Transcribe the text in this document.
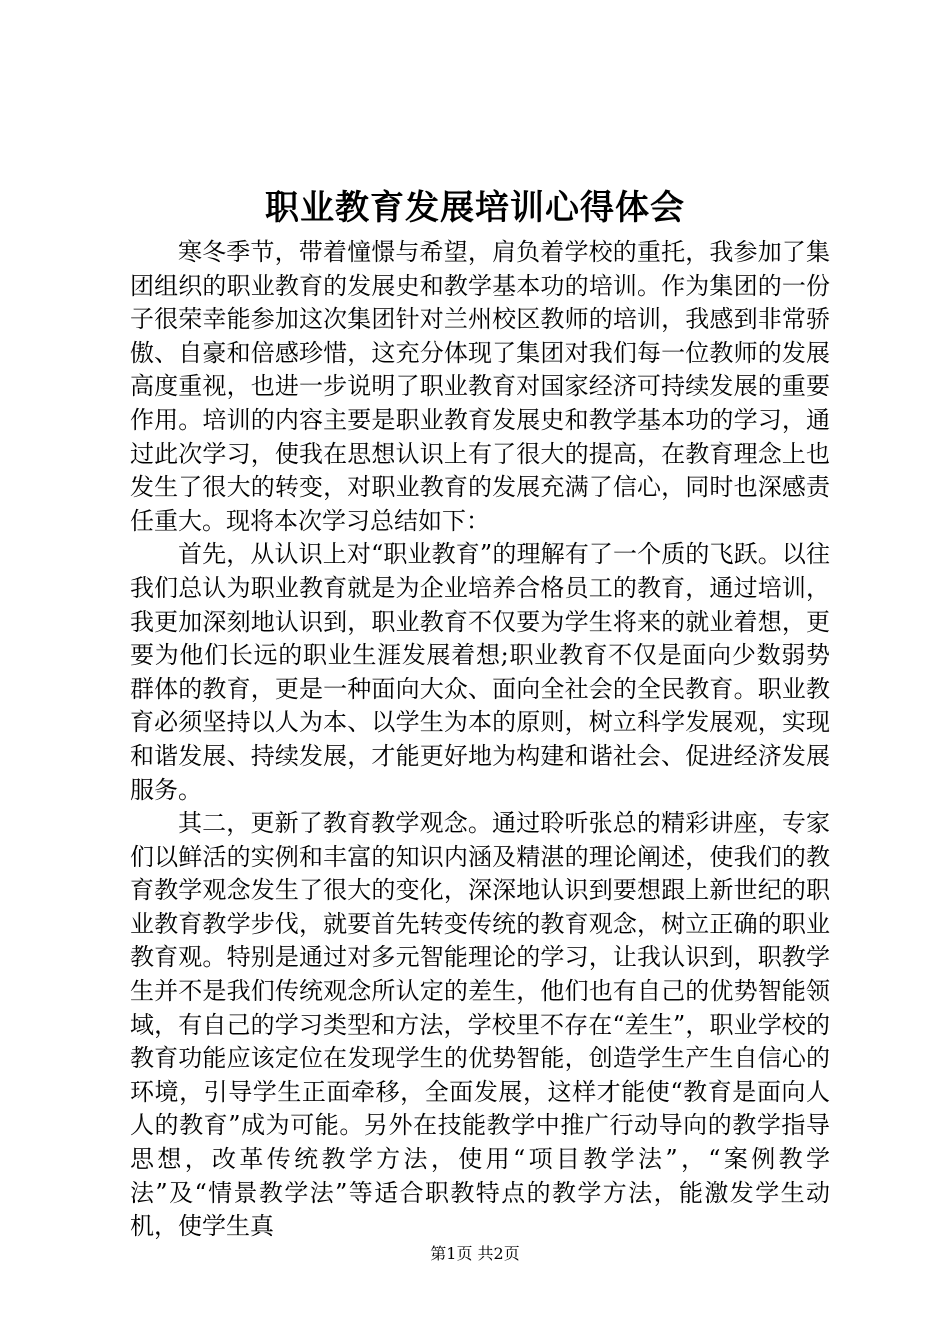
职业教育发展培训心得体会

寒冬季节，带着憧憬与希望，肩负着学校的重托，我参加了集团组织的职业教育的发展史和教学基本功的培训。作为集团的一份子很荣幸能参加这次集团针对兰州校区教师的培训，我感到非常骄傲、自豪和倍感珍惜，这充分体现了集团对我们每一位教师的发展高度重视，也进一步说明了职业教育对国家经济可持续发展的重要作用。培训的内容主要是职业教育发展史和教学基本功的学习，通过此次学习，使我在思想认识上有了很大的提高，在教育理念上也发生了很大的转变，对职业教育的发展充满了信心，同时也深感责任重大。现将本次学习总结如下：

首先，从认识上对“职业教育”的理解有了一个质的飞跃。以往我们总认为职业教育就是为企业培养合格员工的教育，通过培训，我更加深刻地认识到，职业教育不仅要为学生将来的就业着想，更要为他们长远的职业生涯发展着想;职业教育不仅是面向少数弱势群体的教育，更是一种面向大众、面向全社会的全民教育。职业教育必须坚持以人为本、以学生为本的原则，树立科学发展观，实现和谐发展、持续发展，才能更好地为构建和谐社会、促进经济发展服务。

其二，更新了教育教学观念。通过聆听张总的精彩讲座，专家们以鲜活的实例和丰富的知识内涵及精湛的理论阐述，使我们的教育教学观念发生了很大的变化，深深地认识到要想跟上新世纪的职业教育教学步伐，就要首先转变传统的教育观念，树立正确的职业教育观。特别是通过对多元智能理论的学习，让我认识到，职教学生并不是我们传统观念所认定的差生，他们也有自己的优势智能领域，有自己的学习类型和方法，学校里不存在“差生”，职业学校的教育功能应该定位在发现学生的优势智能，创造学生产生自信心的环境，引导学生正面牵移，全面发展，这样才能使“教育是面向人人的教育”成为可能。另外在技能教学中推广行动导向的教学指导思想，改革传统教学方法，使用“项目教学法”，“案例教学法”及“情景教学法”等适合职教特点的教学方法，能激发学生动机，使学生真

第1页 共2页
